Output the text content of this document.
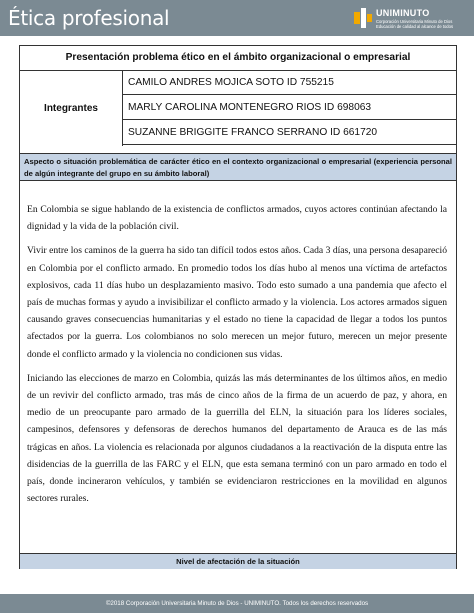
Ética profesional	UNIMINUTO
Corporación Universitaria Minuto de Dios
Educación de calidad al alcance de todos
Presentación problema ético en el ámbito organizacional o empresarial
Integrantes
CAMILO ANDRES MOJICA SOTO ID 755215
MARLY CAROLINA MONTENEGRO RIOS ID 698063
SUZANNE BRIGGITE FRANCO SERRANO ID 661720
Aspecto o situación problemática de carácter ético en el contexto organizacional o empresarial (experiencia personal de algún integrante del grupo en su ámbito laboral)

En Colombia se sigue hablando de la existencia de conflictos armados, cuyos actores continúan afectando la dignidad y la vida de la población civil.

Vivir entre los caminos de la guerra ha sido tan difícil todos estos años. Cada 3 días, una persona desapareció en Colombia por el conflicto armado. En promedio todos los días hubo al menos una víctima de artefactos explosivos, cada 11 días hubo un desplazamiento masivo. Todo esto sumado a una pandemia que afecto el país de muchas formas y ayudo a invisibilizar el conflicto armado y la violencia. Los actores armados siguen causando graves consecuencias humanitarias y el estado no tiene la capacidad de llegar a todos los puntos afectados por la guerra. Los colombianos no solo merecen un mejor futuro, merecen un mejor presente donde el conflicto armado y la violencia no condicionen sus vidas.

Iniciando las elecciones de marzo en Colombia, quizás las más determinantes de los últimos años, en medio de un revivir del conflicto armado, tras más de cinco años de la firma de un acuerdo de paz, y ahora, en medio de un preocupante paro armado de la guerrilla del ELN, la situación para los líderes sociales, campesinos, defensores y defensoras de derechos humanos del departamento de Arauca es de las más trágicas en años. La violencia es relacionada por algunos ciudadanos a la reactivación de la disputa entre las disidencias de la guerrilla de las FARC y el ELN, que esta semana terminó con un paro armado en todo el país, donde incineraron vehículos, y también se evidenciaron restricciones en la movilidad en algunos sectores rurales.

Nivel de afectación de la situación
©2018 Corporación Universitaria Minuto de Dios - UNIMINUTO. Todos los derechos reservados
